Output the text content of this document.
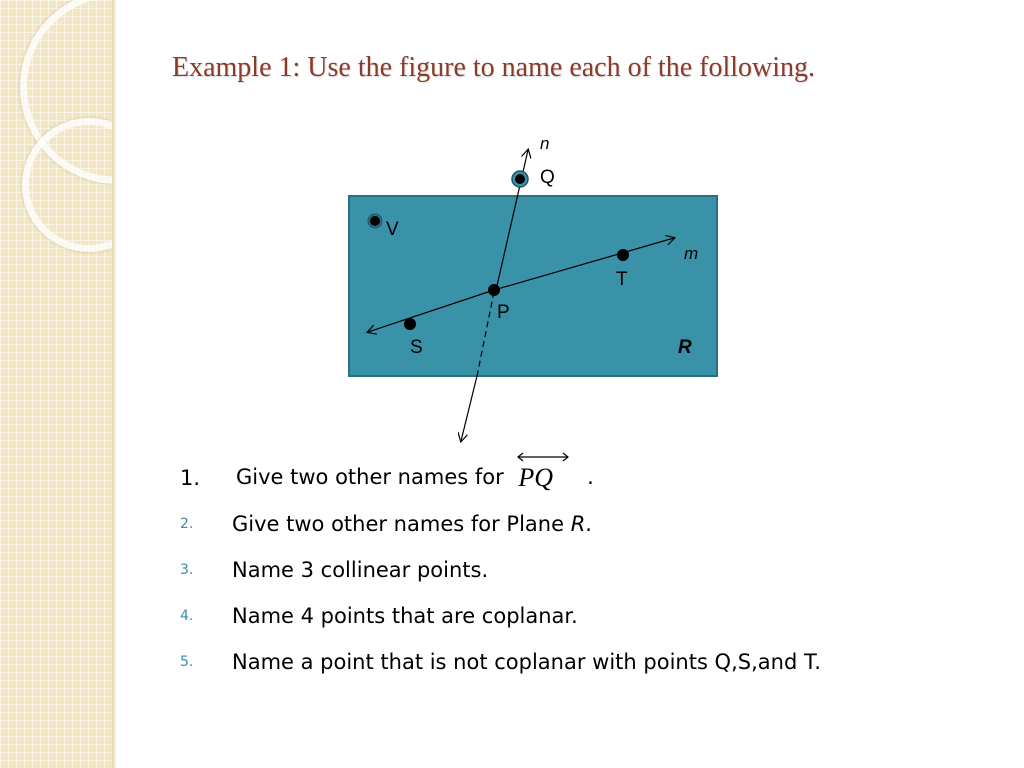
Example 1: Use the figure to name each of the following.
n
Q
V
m
T
P
S	R
1.	Give two other names for PQ .
2.	Give two other names for Plane R.
3.	Name 3 collinear points.
4.	Name 4 points that are coplanar.
5.	Name a point that is not coplanar with points Q,S,and T.
